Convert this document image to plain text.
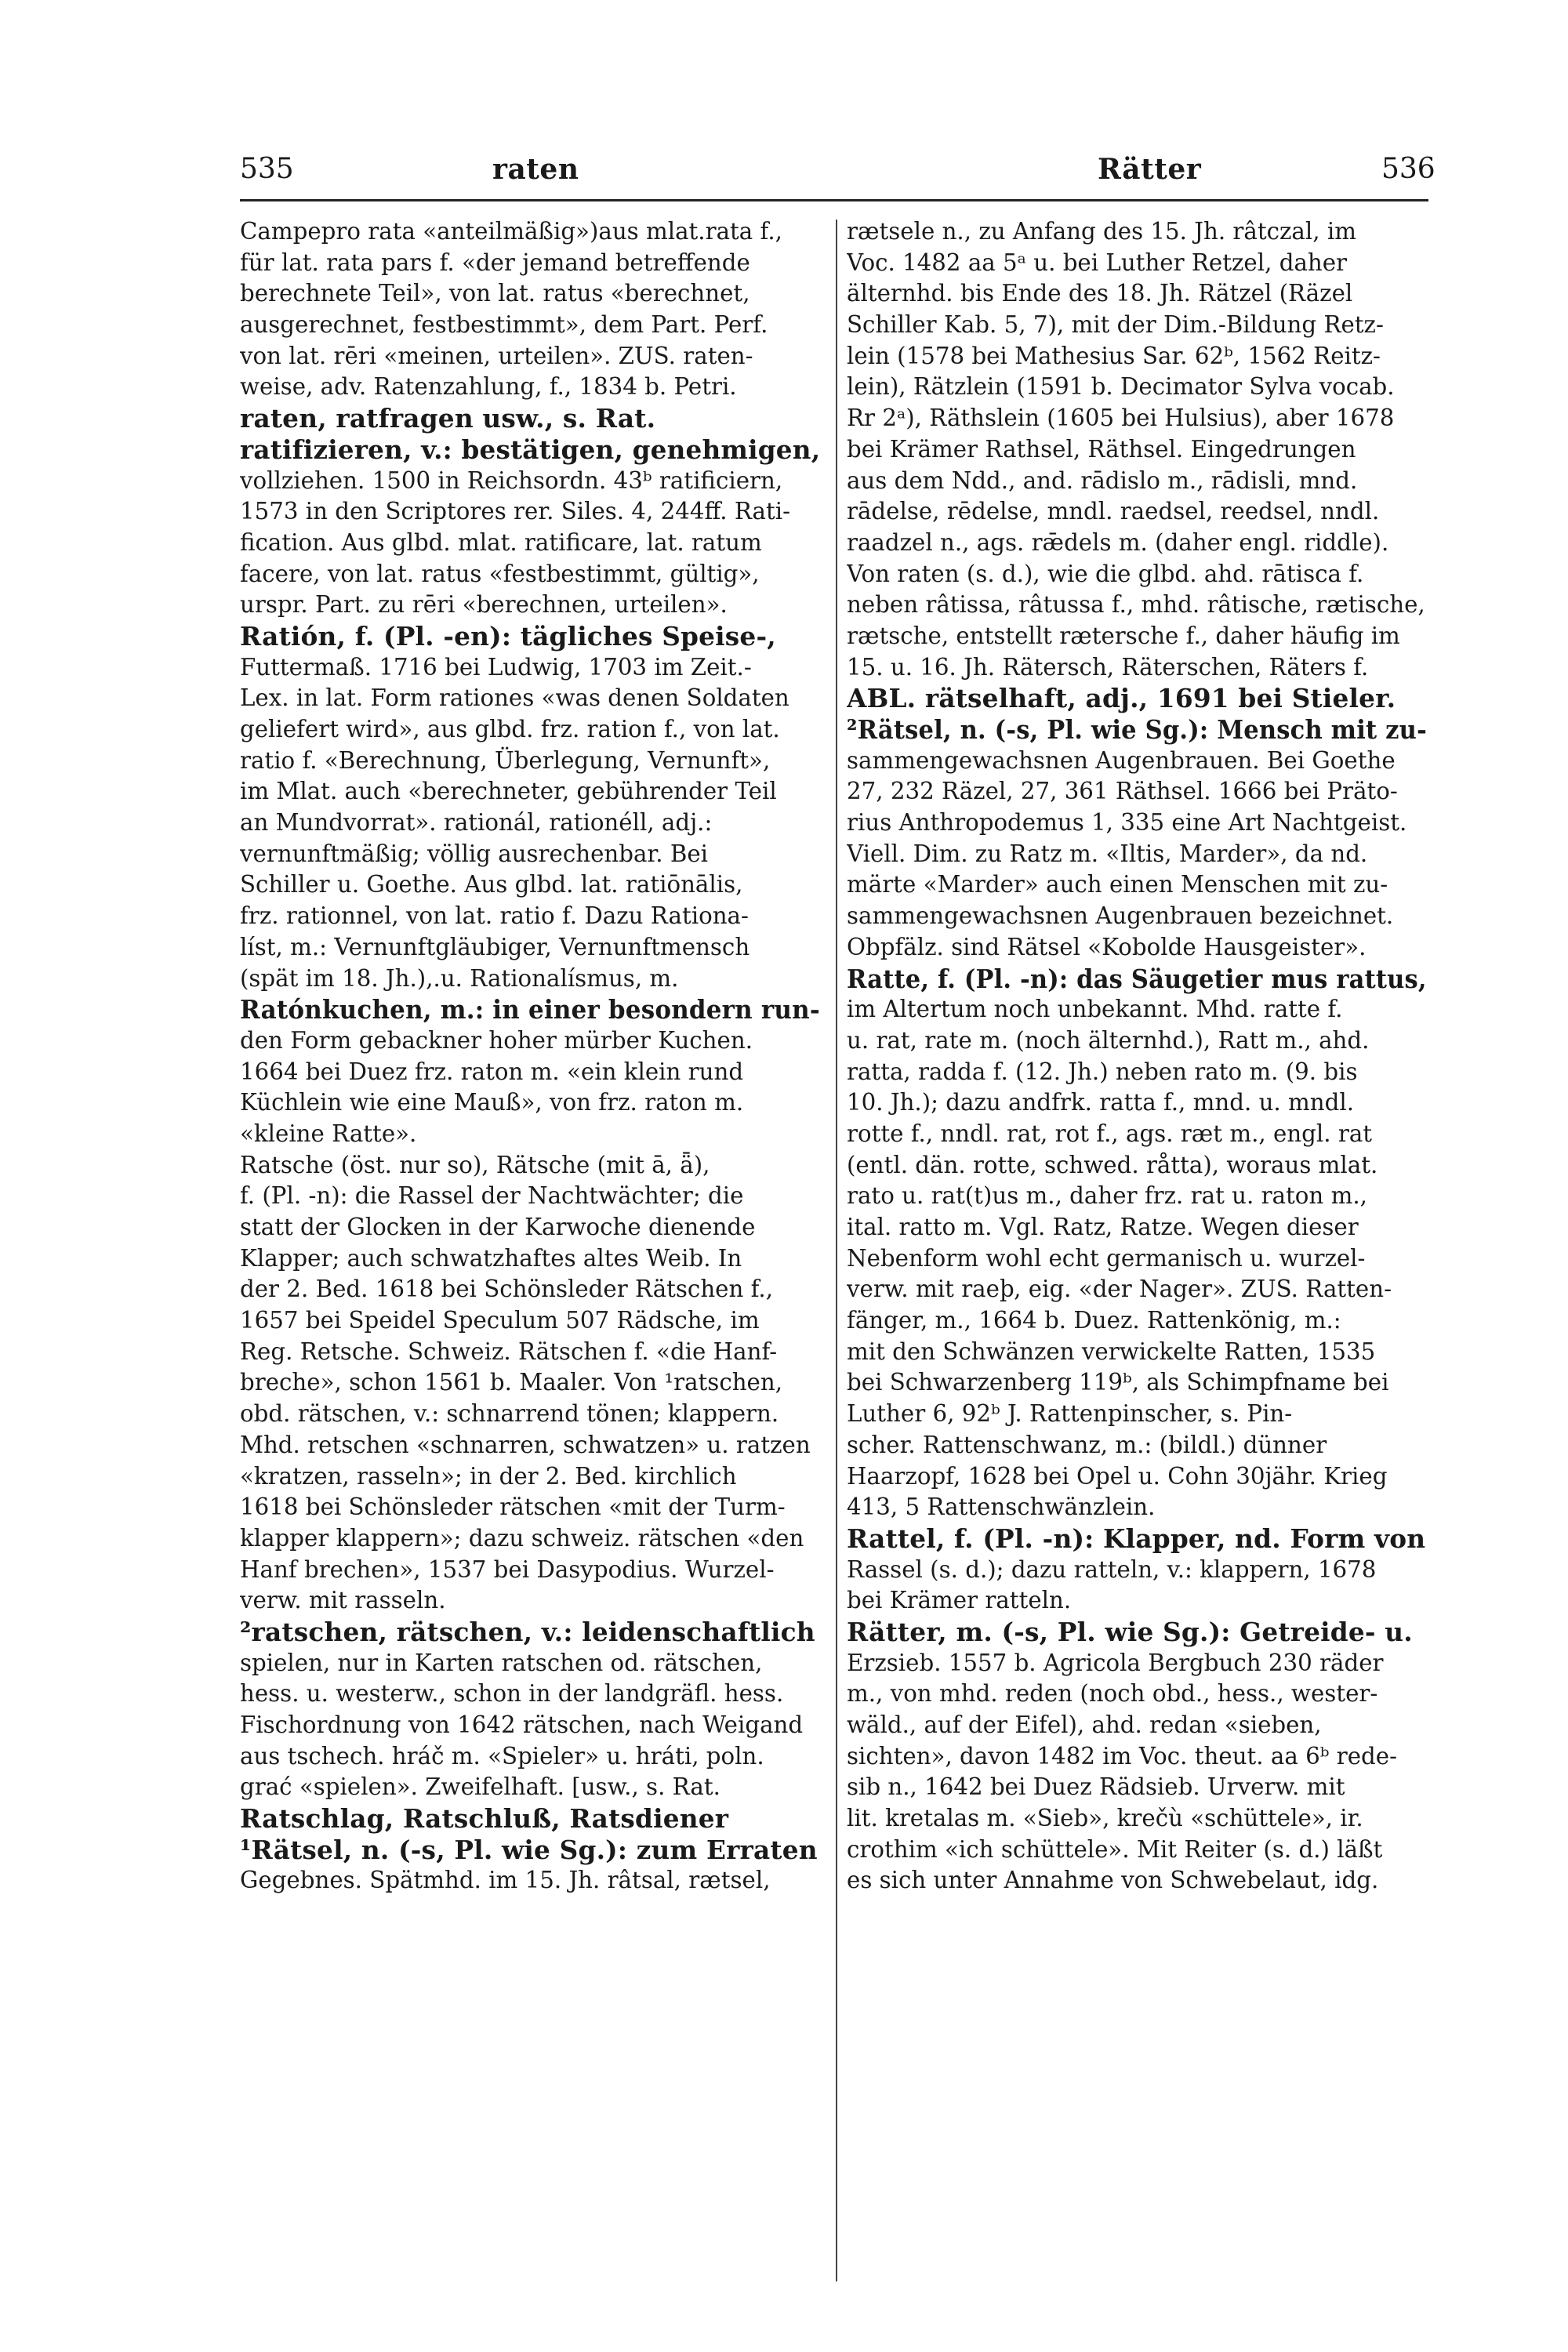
535	raten	Rätter	536
Campepro rata «anteilmäßig»)aus mlat.rata f.,
für lat. rata pars f. «der jemand betreffende
berechnete Teil», von lat. ratus «berechnet,
ausgerechnet, festbestimmt», dem Part. Perf.
von lat. rēri «meinen, urteilen». ZUS. raten-
weise, adv. Ratenzahlung, f., 1834 b. Petri.
raten, ratfragen usw., s. Rat.
ratifizieren, v.: bestätigen, genehmigen,
vollziehen. 1500 in Reichsordn. 43ᵇ ratificiern,
1573 in den Scriptores rer. Siles. 4, 244ff. Rati-
fication. Aus glbd. mlat. ratificare, lat. ratum
facere, von lat. ratus «festbestimmt, gültig»,
urspr. Part. zu rēri «berechnen, urteilen».
Ratión, f. (Pl. -en): tägliches Speise-,
Futtermaß. 1716 bei Ludwig, 1703 im Zeit.-
Lex. in lat. Form rationes «was denen Soldaten
geliefert wird», aus glbd. frz. ration f., von lat.
ratio f. «Berechnung, Überlegung, Vernunft»,
im Mlat. auch «berechneter, gebührender Teil
an Mundvorrat». rationál, rationéll, adj.:
vernunftmäßig; völlig ausrechenbar. Bei
Schiller u. Goethe. Aus glbd. lat. ratiōnālis,
frz. rationnel, von lat. ratio f. Dazu Rationa-
líst, m.: Vernunftgläubiger, Vernunftmensch
(spät im 18. Jh.),.u. Rationalísmus, m.
Ratónkuchen, m.: in einer besondern run-
den Form gebackner hoher mürber Kuchen.
1664 bei Duez frz. raton m. «ein klein rund
Küchlein wie eine Mauß», von frz. raton m.
«kleine Ratte».
Ratsche (öst. nur so), Rätsche (mit ā, ǟ),
f. (Pl. -n): die Rassel der Nachtwächter; die
statt der Glocken in der Karwoche dienende
Klapper; auch schwatzhaftes altes Weib. In
der 2. Bed. 1618 bei Schönsleder Rätschen f.,
1657 bei Speidel Speculum 507 Rädsche, im
Reg. Retsche. Schweiz. Rätschen f. «die Hanf-
breche», schon 1561 b. Maaler. Von ¹ratschen,
obd. rätschen, v.: schnarrend tönen; klappern.
Mhd. retschen «schnarren, schwatzen» u. ratzen
«kratzen, rasseln»; in der 2. Bed. kirchlich
1618 bei Schönsleder rätschen «mit der Turm-
klapper klappern»; dazu schweiz. rätschen «den
Hanf brechen», 1537 bei Dasypodius. Wurzel-
verw. mit rasseln.
²ratschen, rätschen, v.: leidenschaftlich
spielen, nur in Karten ratschen od. rätschen,
hess. u. westerw., schon in der landgräfl. hess.
Fischordnung von 1642 rätschen, nach Weigand
aus tschech. hráč m. «Spieler» u. hráti, poln.
grać «spielen». Zweifelhaft. [usw., s. Rat.
Ratschlag, Ratschluß, Ratsdiener
¹Rätsel, n. (-s, Pl. wie Sg.): zum Erraten
Gegebnes. Spätmhd. im 15. Jh. râtsal, rætsel,
rætsele n., zu Anfang des 15. Jh. râtczal, im
Voc. 1482 aa 5ᵃ u. bei Luther Retzel, daher
älternhd. bis Ende des 18. Jh. Rätzel (Räzel
Schiller Kab. 5, 7), mit der Dim.-Bildung Retz-
lein (1578 bei Mathesius Sar. 62ᵇ, 1562 Reitz-
lein), Rätzlein (1591 b. Decimator Sylva vocab.
Rr 2ᵃ), Räthslein (1605 bei Hulsius), aber 1678
bei Krämer Rathsel, Räthsel. Eingedrungen
aus dem Ndd., and. rādislo m., rādisli, mnd.
rādelse, rēdelse, mndl. raedsel, reedsel, nndl.
raadzel n., ags. rǣdels m. (daher engl. riddle).
Von raten (s. d.), wie die glbd. ahd. rātisca f.
neben râtissa, râtussa f., mhd. râtische, rætische,
rætsche, entstellt rætersche f., daher häufig im
15. u. 16. Jh. Rätersch, Räterschen, Räters f.
ABL. rätselhaft, adj., 1691 bei Stieler.
²Rätsel, n. (-s, Pl. wie Sg.): Mensch mit zu-
sammengewachsnen Augenbrauen. Bei Goethe
27, 232 Räzel, 27, 361 Räthsel. 1666 bei Präto-
rius Anthropodemus 1, 335 eine Art Nachtgeist.
Viell. Dim. zu Ratz m. «Iltis, Marder», da nd.
märte «Marder» auch einen Menschen mit zu-
sammengewachsnen Augenbrauen bezeichnet.
Obpfälz. sind Rätsel «Kobolde Hausgeister».
Ratte, f. (Pl. -n): das Säugetier mus rattus,
im Altertum noch unbekannt. Mhd. ratte f.
u. rat, rate m. (noch älternhd.), Ratt m., ahd.
ratta, radda f. (12. Jh.) neben rato m. (9. bis
10. Jh.); dazu andfrk. ratta f., mnd. u. mndl.
rotte f., nndl. rat, rot f., ags. ræt m., engl. rat
(entl. dän. rotte, schwed. råtta), woraus mlat.
rato u. rat(t)us m., daher frz. rat u. raton m.,
ital. ratto m. Vgl. Ratz, Ratze. Wegen dieser
Nebenform wohl echt germanisch u. wurzel-
verw. mit raeþ, eig. «der Nager». ZUS. Ratten-
fänger, m., 1664 b. Duez. Rattenkönig, m.:
mit den Schwänzen verwickelte Ratten, 1535
bei Schwarzenberg 119ᵇ, als Schimpfname bei
Luther 6, 92ᵇ J. Rattenpinscher, s. Pin-
scher. Rattenschwanz, m.: (bildl.) dünner
Haarzopf, 1628 bei Opel u. Cohn 30jähr. Krieg
413, 5 Rattenschwänzlein.
Rattel, f. (Pl. -n): Klapper, nd. Form von
Rassel (s. d.); dazu ratteln, v.: klappern, 1678
bei Krämer ratteln.
Rätter, m. (-s, Pl. wie Sg.): Getreide- u.
Erzsieb. 1557 b. Agricola Bergbuch 230 räder
m., von mhd. reden (noch obd., hess., wester-
wäld., auf der Eifel), ahd. redan «sieben,
sichten», davon 1482 im Voc. theut. aa 6ᵇ rede-
sib n., 1642 bei Duez Rädsieb. Urverw. mit
lit. kretalas m. «Sieb», krečù «schüttele», ir.
crothim «ich schüttele». Mit Reiter (s. d.) läßt
es sich unter Annahme von Schwebelaut, idg.
